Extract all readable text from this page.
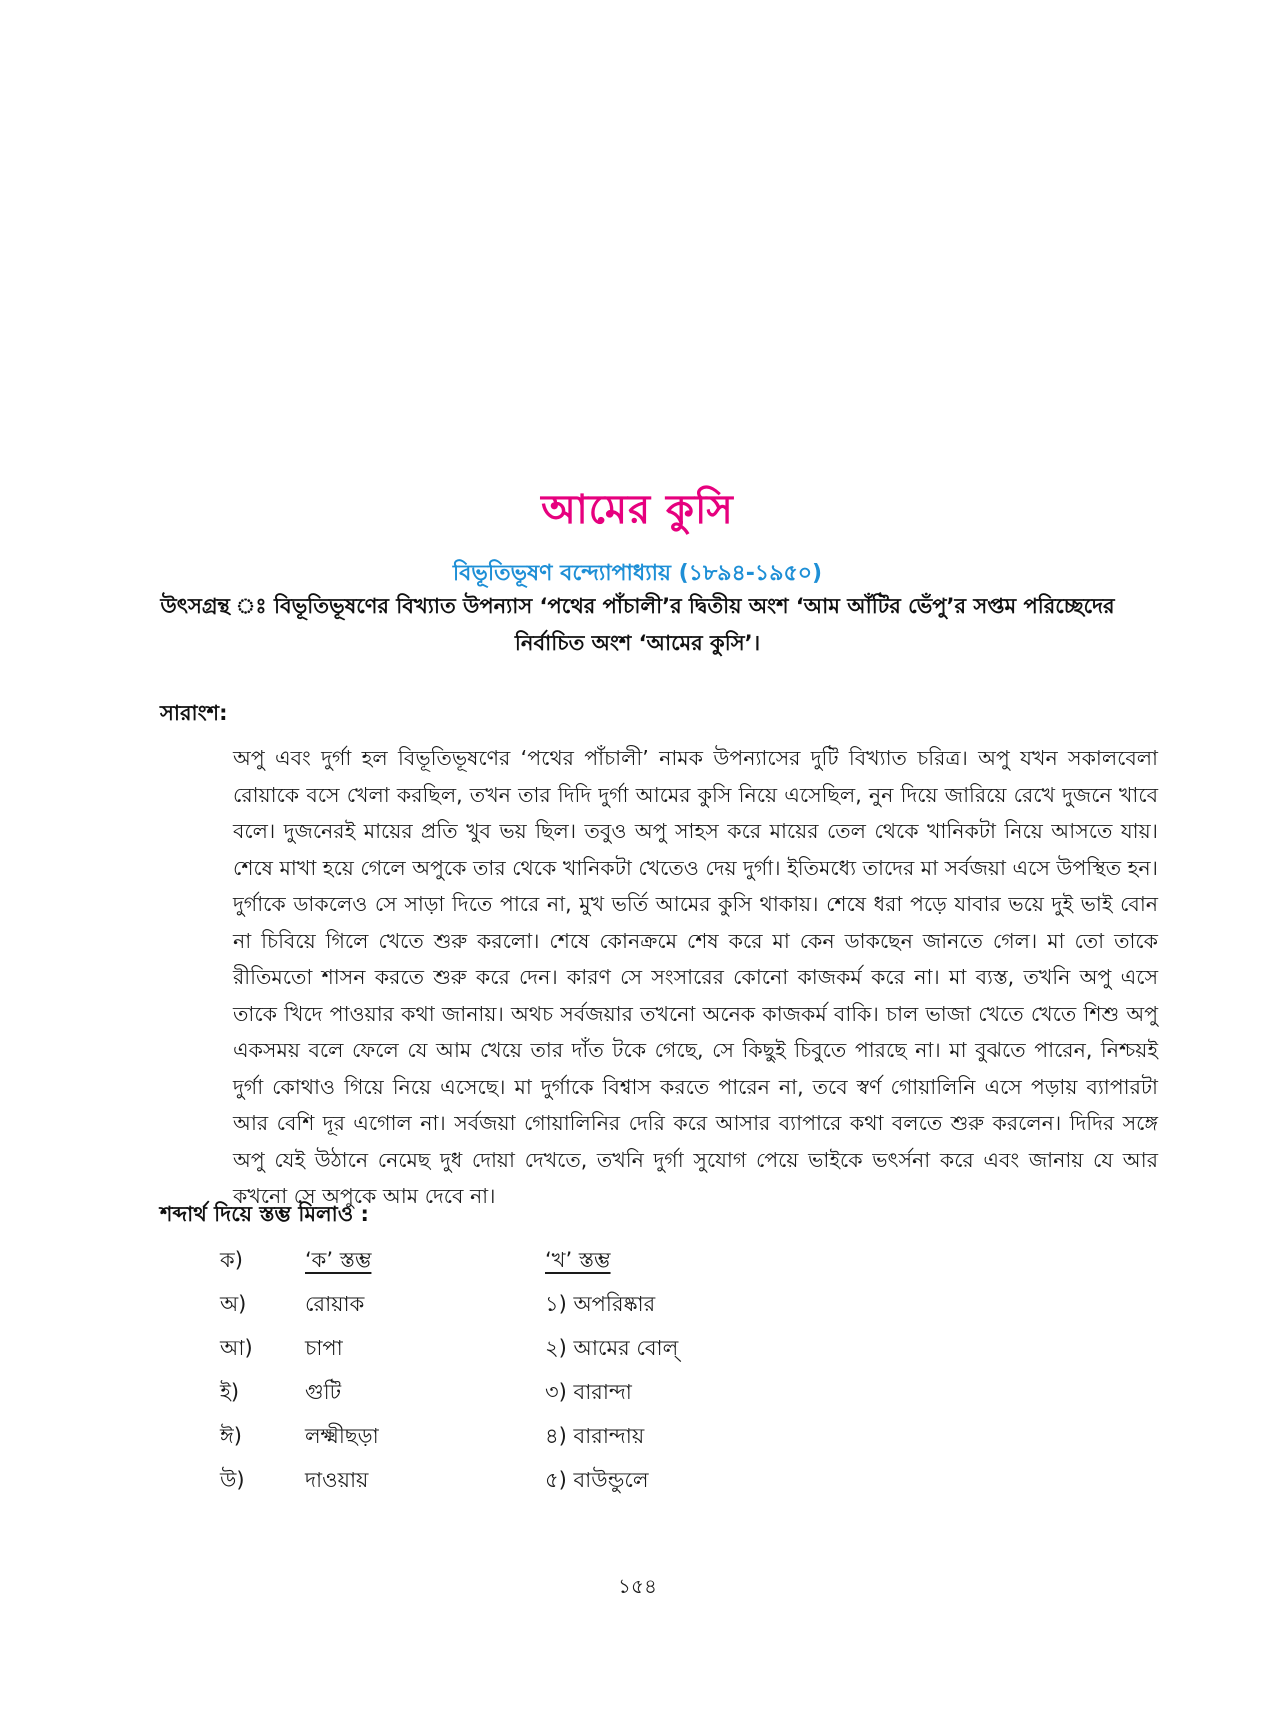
আমের কুসি
বিভূতিভূষণ বন্দ্যোপাধ্যায় (১৮৯৪-১৯৫০)
উৎসগ্রন্থ ঃ বিভূতিভূষণের বিখ্যাত উপন্যাস ‘পথের পাঁচালী’র দ্বিতীয় অংশ ‘আম আঁটির ভেঁপু’র সপ্তম পরিচ্ছেদের নির্বাচিত অংশ ‘আমের কুসি’।
সারাংশ:
অপু এবং দুর্গা হল বিভূতিভূষণের ‘পথের পাঁচালী’ নামক উপন্যাসের দুটি বিখ্যাত চরিত্র। অপু যখন সকালবেলা রোয়াকে বসে খেলা করছিল, তখন তার দিদি দুর্গা আমের কুসি নিয়ে এসেছিল, নুন দিয়ে জারিয়ে রেখে দুজনে খাবে বলে। দুজনেরই মায়ের প্রতি খুব ভয় ছিল। তবুও অপু সাহস করে মায়ের তেল থেকে খানিকটা নিয়ে আসতে যায়। শেষে মাখা হয়ে গেলে অপুকে তার থেকে খানিকটা খেতেও দেয় দুর্গা। ইতিমধ্যে তাদের মা সর্বজয়া এসে উপস্থিত হন। দুর্গাকে ডাকলেও সে সাড়া দিতে পারে না, মুখ ভর্তি আমের কুসি থাকায়। শেষে ধরা পড়ে যাবার ভয়ে দুই ভাই বোন না চিবিয়ে গিলে খেতে শুরু করলো। শেষে কোনক্রমে শেষ করে মা কেন ডাকছেন জানতে গেল। মা তো তাকে রীতিমতো শাসন করতে শুরু করে দেন। কারণ সে সংসারের কোনো কাজকর্ম করে না। মা ব্যস্ত, তখনি অপু এসে তাকে খিদে পাওয়ার কথা জানায়। অথচ সর্বজয়ার তখনো অনেক কাজকর্ম বাকি। চাল ভাজা খেতে খেতে শিশু অপু একসময় বলে ফেলে যে আম খেয়ে তার দাঁত টকে গেছে, সে কিছুই চিবুতে পারছে না। মা বুঝতে পারেন, নিশ্চয়ই দুর্গা কোথাও গিয়ে নিয়ে এসেছে। মা দুর্গাকে বিশ্বাস করতে পারেন না, তবে স্বর্ণ গোয়ালিনি এসে পড়ায় ব্যাপারটা আর বেশি দূর এগোল না। সর্বজয়া গোয়ালিনির দেরি করে আসার ব্যাপারে কথা বলতে শুরু করলেন। দিদির সঙ্গে অপু যেই উঠানে নেমেছ দুধ দোয়া দেখতে, তখনি দুর্গা সুযোগ পেয়ে ভাইকে ভৎর্সনা করে এবং জানায় যে আর কখনো সে অপুকে আম দেবে না।
শব্দার্থ দিয়ে স্তম্ভ মিলাও :
ক)	‘ক’ স্তম্ভ	‘খ’ স্তম্ভ
অ)	রোয়াক	১) অপরিষ্কার
আ) চাপা	২) আমের বোল্
ই)	গুটি	৩) বারান্দা
ঈ)	লক্ষ্মীছড়া	৪) বারান্দায়
উ)	দাওয়ায়	৫) বাউন্ডুলে
১৫৪
